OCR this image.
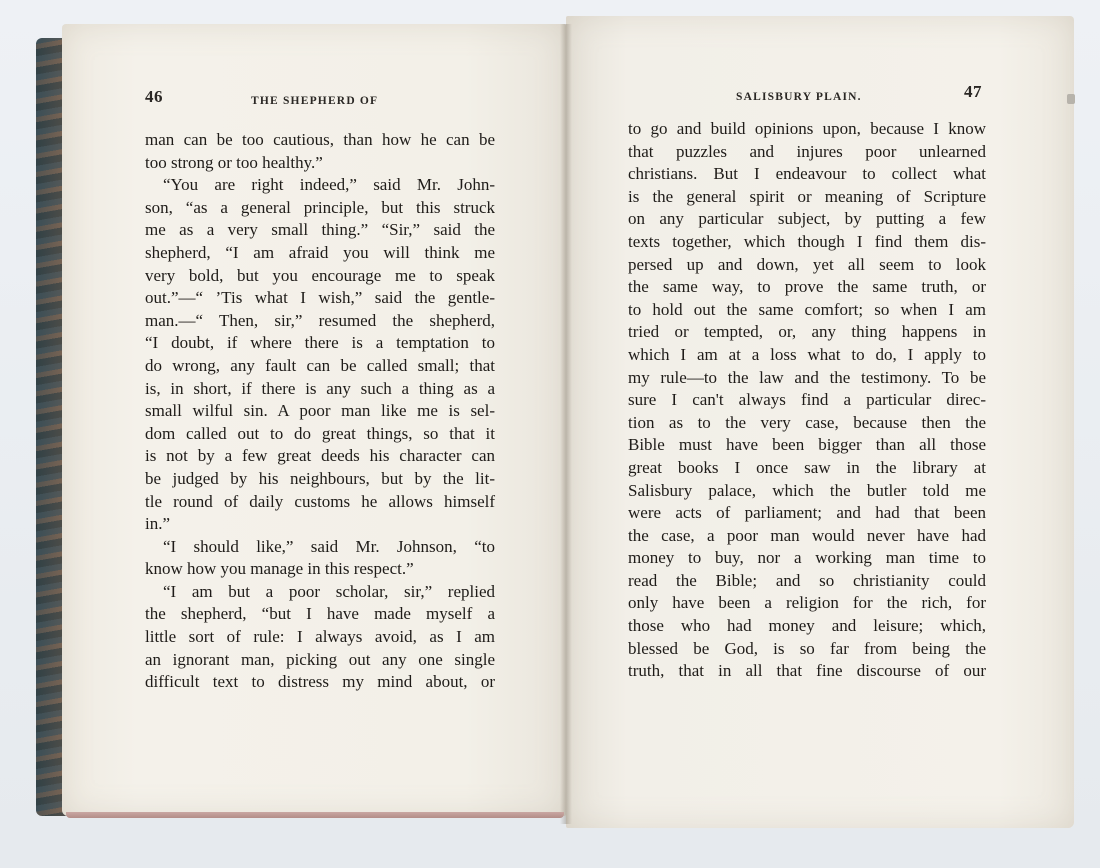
46	THE SHEPHERD OF	SALISBURY PLAIN.	47
man can be too cautious, than how he can be
too strong or too healthy.”
“You are right indeed,” said Mr. John-
son, “as a general principle, but this struck
me as a very small thing.” “Sir,” said the
shepherd, “I am afraid you will think me
very bold, but you encourage me to speak
out.”—“ ’Tis what I wish,” said the gentle-
man.—“ Then, sir,” resumed the shepherd,
“I doubt, if where there is a temptation to
do wrong, any fault can be called small; that
is, in short, if there is any such a thing as a
small wilful sin. A poor man like me is sel-
dom called out to do great things, so that it
is not by a few great deeds his character can
be judged by his neighbours, but by the lit-
tle round of daily customs he allows himself
in.”
“I should like,” said Mr. Johnson, “to
know how you manage in this respect.”
“I am but a poor scholar, sir,” replied
the shepherd, “but I have made myself a
little sort of rule: I always avoid, as I am
an ignorant man, picking out any one single
difficult text to distress my mind about, or
to go and build opinions upon, because I know
that puzzles and injures poor unlearned
christians. But I endeavour to collect what
is the general spirit or meaning of Scripture
on any particular subject, by putting a few
texts together, which though I find them dis-
persed up and down, yet all seem to look
the same way, to prove the same truth, or
to hold out the same comfort; so when I am
tried or tempted, or, any thing happens in
which I am at a loss what to do, I apply to
my rule—to the law and the testimony. To be
sure I can't always find a particular direc-
tion as to the very case, because then the
Bible must have been bigger than all those
great books I once saw in the library at
Salisbury palace, which the butler told me
were acts of parliament; and had that been
the case, a poor man would never have had
money to buy, nor a working man time to
read the Bible; and so christianity could
only have been a religion for the rich, for
those who had money and leisure; which,
blessed be God, is so far from being the
truth, that in all that fine discourse of our
